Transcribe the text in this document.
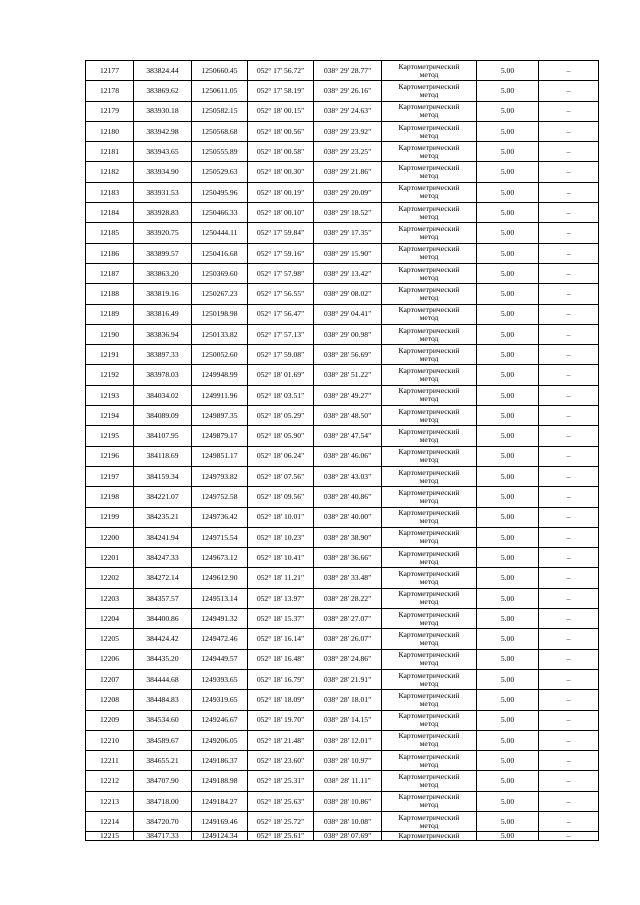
12177	383824.44	1250660.45	052° 17' 56.72"	038° 29' 28.77"	Картометрический
метод	5.00	–
12178	383869.62	1250611.05	052° 17' 58.19"	038° 29' 26.16"	Картометрический
метод	5.00	–
12179	383930.18	1250582.15	052° 18' 00.15"	038° 29' 24.63"	Картометрический
метод	5.00	–
12180	383942.98	1250568.68	052° 18' 00.56"	038° 29' 23.92"	Картометрический
метод	5.00	–
12181	383943.65	1250555.89	052° 18' 00.58"	038° 29' 23.25"	Картометрический
метод	5.00	–
12182	383934.90	1250529.63	052° 18' 00.30"	038° 29' 21.86"	Картометрический
метод	5.00	–
12183	383931.53	1250495.96	052° 18' 00.19"	038° 29' 20.09"	Картометрический
метод	5.00	–
12184	383928.83	1250466.33	052° 18' 00.10"	038° 29' 18.52"	Картометрический
метод	5.00	–
12185	383920.75	1250444.11	052° 17' 59.84"	038° 29' 17.35"	Картометрический
метод	5.00	–
12186	383899.57	1250416.68	052° 17' 59.16"	038° 29' 15.90"	Картометрический
метод	5.00	–
12187	383863.20	1250369.60	052° 17' 57.98"	038° 29' 13.42"	Картометрический
метод	5.00	–
12188	383819.16	1250267.23	052° 17' 56.55"	038° 29' 08.02"	Картометрический
метод	5.00	–
12189	383816.49	1250198.98	052° 17' 56.47"	038° 29' 04.41"	Картометрический
метод	5.00	–
12190	383836.94	1250133.82	052° 17' 57.13"	038° 29' 00.98"	Картометрический
метод	5.00	–
12191	383897.33	1250052.60	052° 17' 59.08"	038° 28' 56.69"	Картометрический
метод	5.00	–
12192	383978.03	1249948.99	052° 18' 01.69"	038° 28' 51.22"	Картометрический
метод	5.00	–
12193	384034.02	1249911.96	052° 18' 03.51"	038° 28' 49.27"	Картометрический
метод	5.00	–
12194	384089.09	1249897.35	052° 18' 05.29"	038° 28' 48.50"	Картометрический
метод	5.00	–
12195	384107.95	1249879.17	052° 18' 05.90"	038° 28' 47.54"	Картометрический
метод	5.00	–
12196	384118.69	1249851.17	052° 18' 06.24"	038° 28' 46.06"	Картометрический
метод	5.00	–
12197	384159.34	1249793.82	052° 18' 07.56"	038° 28' 43.03"	Картометрический
метод	5.00	–
12198	384221.07	1249752.58	052° 18' 09.56"	038° 28' 40.86"	Картометрический
метод	5.00	–
12199	384235.21	1249736.42	052° 18' 10.01"	038° 28' 40.00"	Картометрический
метод	5.00	–
12200	384241.94	1249715.54	052° 18' 10.23"	038° 28' 38.90"	Картометрический
метод	5.00	–
12201	384247.33	1249673.12	052° 18' 10.41"	038° 28' 36.66"	Картометрический
метод	5.00	–
12202	384272.14	1249612.90	052° 18' 11.21"	038° 28' 33.48"	Картометрический
метод	5.00	–
12203	384357.57	1249513.14	052° 18' 13.97"	038° 28' 28.22"	Картометрический
метод	5.00	–
12204	384400.86	1249491.32	052° 18' 15.37"	038° 28' 27.07"	Картометрический
метод	5.00	–
12205	384424.42	1249472.46	052° 18' 16.14"	038° 28' 26.07"	Картометрический
метод	5.00	–
12206	384435.20	1249449.57	052° 18' 16.48"	038° 28' 24.86"	Картометрический
метод	5.00	–
12207	384444.68	1249393.65	052° 18' 16.79"	038° 28' 21.91"	Картометрический
метод	5.00	–
12208	384484.83	1249319.65	052° 18' 18.09"	038° 28' 18.01"	Картометрический
метод	5.00	–
12209	384534.60	1249246.67	052° 18' 19.70"	038° 28' 14.15"	Картометрический
метод	5.00	–
12210	384589.67	1249206.05	052° 18' 21.48"	038° 28' 12.01"	Картометрический
метод	5.00	–
12211	384655.21	1249186.37	052° 18' 23.60"	038° 28' 10.97"	Картометрический
метод	5.00	–
12212	384707.90	1249188.98	052° 18' 25.31"	038° 28' 11.11"	Картометрический
метод	5.00	–
12213	384718.00	1249184.27	052° 18' 25.63"	038° 28' 10.86"	Картометрический
метод	5.00	–
12214	384720.70	1249169.46	052° 18' 25.72"	038° 28' 10.08"	Картометрический
метод	5.00	–
12215	384717.33	1249124.34	052° 18' 25.61"	038° 28' 07.69"	Картометрический	5.00	–
